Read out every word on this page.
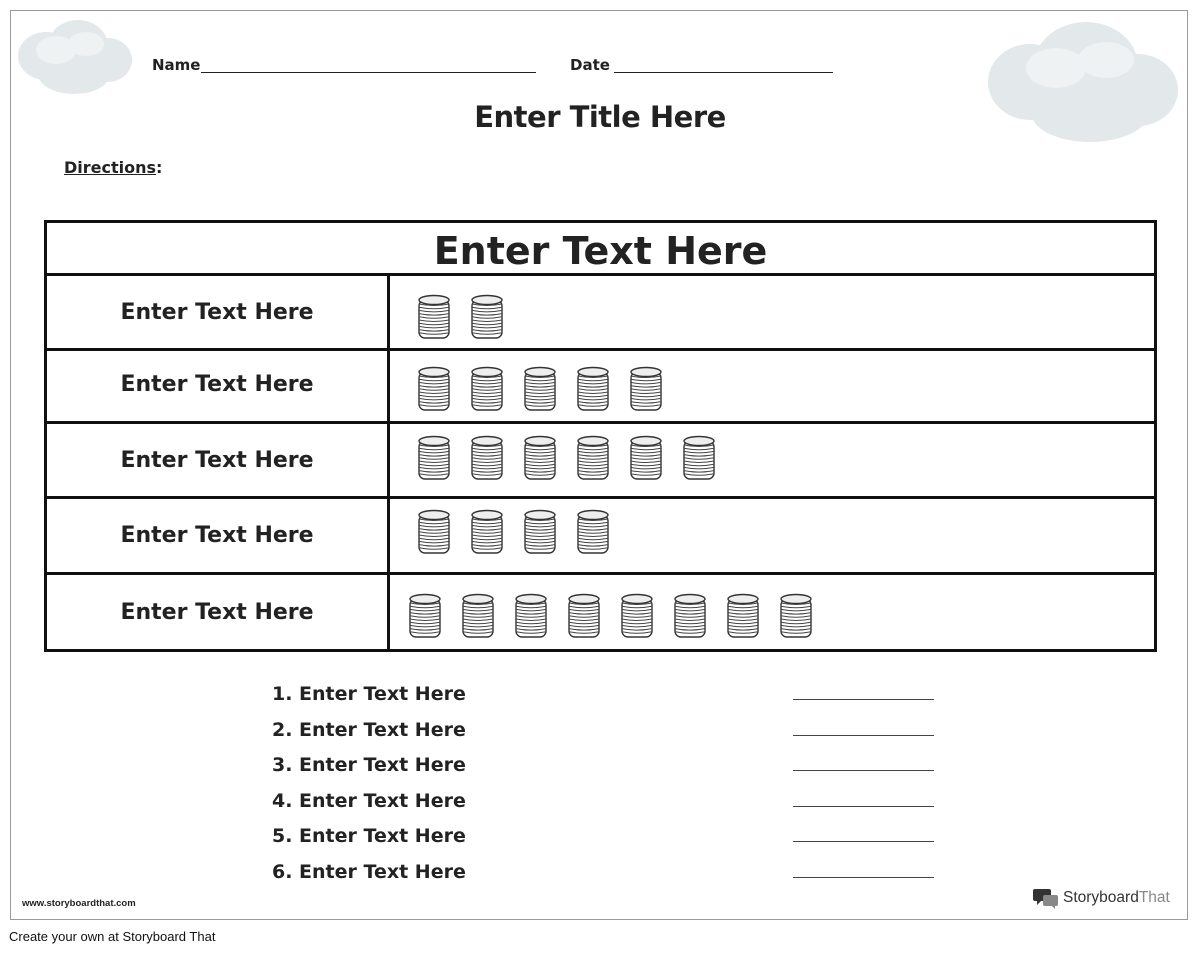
Name	Date
Enter Title Here
Directions:
Enter Text Here
Enter Text Here
Enter Text Here
Enter Text Here
Enter Text Here
Enter Text Here
1. Enter Text Here
2. Enter Text Here
3. Enter Text Here
4. Enter Text Here
5. Enter Text Here
6. Enter Text Here
www.storyboardthat.com	Storyboard That
Create your own at Storyboard That
